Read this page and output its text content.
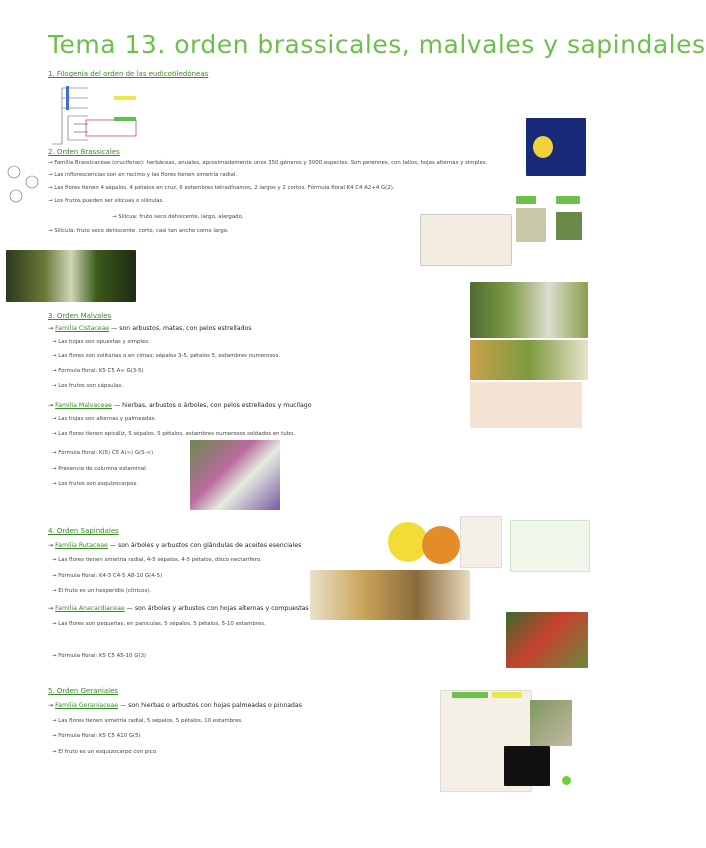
Tema 13. orden brassicales, malvales y sapindales
1. Filogenia del orden de las eudicotiledóneas
2. Orden Brassicales
→ Familia Brassicaceae (crucíferas): herbáceas, anuales, aproximadamente unos 350 géneros y 3000 especies. Son perennes, con tallos, hojas alternas y simples.
→ Las inflorescencias son en racimo y las flores tienen simetría radial.
→ Las flores tienen 4 sépalos, 4 pétalos en cruz, 6 estambres tetradínamos, 2 largos y 2 cortos. Fórmula floral K4 C4 A2+4 G(2).
→ Los frutos pueden ser silicuas o silículas.
→ Silicua: fruto seco dehiscente, largo, alargado.
→ Silícula: fruto seco dehiscente, corto, casi tan ancho como largo.
3. Orden Malvales
→ Familia Cistaceae — son arbustos, matas, con pelos estrellados
→ Las hojas son opuestas y simples.
→ Las flores son solitarias o en cimas; sépalos 3-5, pétalos 5, estambres numerosos.
→ Fórmula floral: K5 C5 A∞ G(3-5)
→ Los frutos son cápsulas.
→ Familia Malvaceae — hierbas, arbustos o árboles, con pelos estrellados y mucílago
→ Las hojas son alternas y palmeadas.
→ Las flores tienen epicáliz, 5 sépalos, 5 pétalos, estambres numerosos soldados en tubo.
→ Fórmula floral: K(5) C5 A(∞) G(5-∞)
→ Presencia de columna estaminal.
→ Los frutos son esquizocarpos.
4. Orden Sapindales
→ Familia Rutaceae — son árboles y arbustos con glándulas de aceites esenciales
→ Las flores tienen simetría radial, 4-5 sépalos, 4-5 pétalos, disco nectarífero.
→ Fórmula floral: K4-5 C4-5 A8-10 G(4-5)
→ El fruto es un hesperidio (cítricos).
→ Familia Anacardiaceae — son árboles y arbustos con hojas alternas y compuestas
→ Las flores son pequeñas, en panículas, 5 sépalos, 5 pétalos, 5-10 estambres.
→ Fórmula floral: K5 C5 A5-10 G(3)
5. Orden Geraniales
→ Familia Geraniaceae — son hierbas o arbustos con hojas palmeadas o pinnadas
→ Las flores tienen simetría radial, 5 sépalos, 5 pétalos, 10 estambres.
→ Fórmula floral: K5 C5 A10 G(5)
→ El fruto es un esquizocarpo con pico.
